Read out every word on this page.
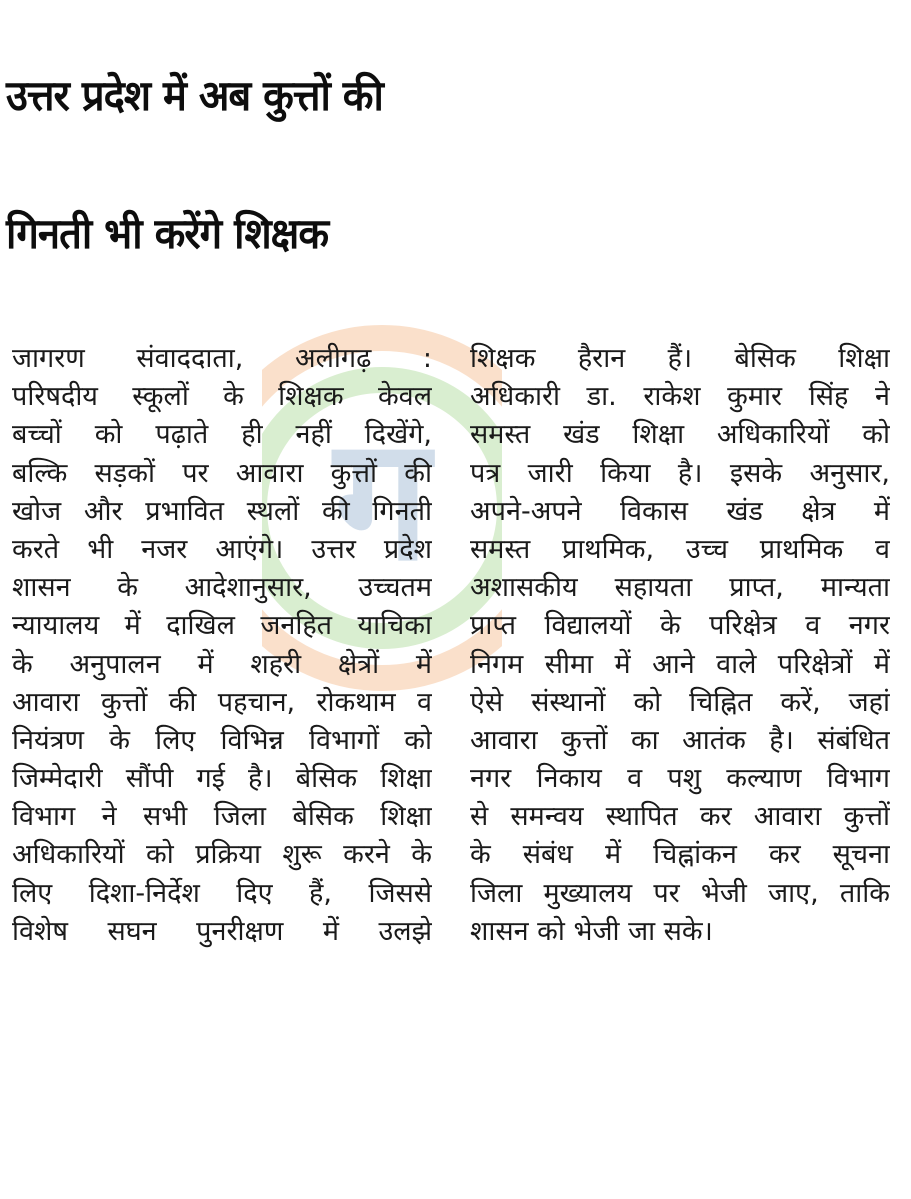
उत्तर प्रदेश में अब कुत्तों की
गिनती भी करेंगे शिक्षक
ग
जागरण संवाददाता, अलीगढ़ :
परिषदीय स्कूलों के शिक्षक केवल
बच्चों को पढ़ाते ही नहीं दिखेंगे,
बल्कि सड़कों पर आवारा कुत्तों की
खोज और प्रभावित स्थलों की गिनती
करते भी नजर आएंगे। उत्तर प्रदेश
शासन के आदेशानुसार, उच्चतम
न्यायालय में दाखिल जनहित याचिका
के अनुपालन में शहरी क्षेत्रों में
आवारा कुत्तों की पहचान, रोकथाम व
नियंत्रण के लिए विभिन्न विभागों को
जिम्मेदारी सौंपी गई है। बेसिक शिक्षा
विभाग ने सभी जिला बेसिक शिक्षा
अधिकारियों को प्रक्रिया शुरू करने के
लिए दिशा-निर्देश दिए हैं, जिससे
विशेष सघन पुनरीक्षण में उलझे
शिक्षक हैरान हैं। बेसिक शिक्षा
अधिकारी डा. राकेश कुमार सिंह ने
समस्त खंड शिक्षा अधिकारियों को
पत्र जारी किया है। इसके अनुसार,
अपने-अपने विकास खंड क्षेत्र में
समस्त प्राथमिक, उच्च प्राथमिक व
अशासकीय सहायता प्राप्त, मान्यता
प्राप्त विद्यालयों के परिक्षेत्र व नगर
निगम सीमा में आने वाले परिक्षेत्रों में
ऐसे संस्थानों को चिह्नित करें, जहां
आवारा कुत्तों का आतंक है। संबंधित
नगर निकाय व पशु कल्याण विभाग
से समन्वय स्थापित कर आवारा कुत्तों
के संबंध में चिह्नांकन कर सूचना
जिला मुख्यालय पर भेजी जाए, ताकि
शासन को भेजी जा सके।
